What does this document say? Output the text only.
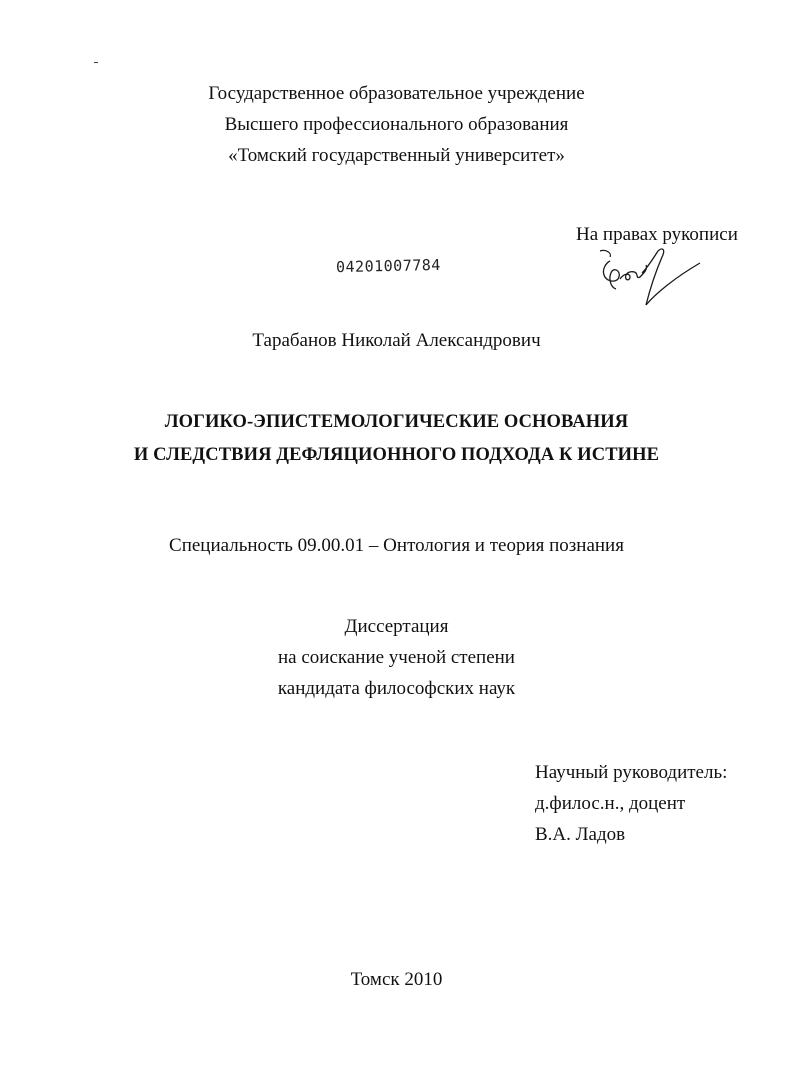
Государственное образовательное учреждение
Высшего профессионального образования
«Томский государственный университет»
На правах рукописи
04201007784
Тарабанов Николай Александрович
ЛОГИКО-ЭПИСТЕМОЛОГИЧЕСКИЕ ОСНОВАНИЯ
И СЛЕДСТВИЯ ДЕФЛЯЦИОННОГО ПОДХОДА К ИСТИНЕ
Специальность 09.00.01 – Онтология и теория познания
Диссертация
на соискание ученой степени
кандидата философских наук
Научный руководитель:
д.филос.н., доцент
В.А. Ладов
Томск 2010
